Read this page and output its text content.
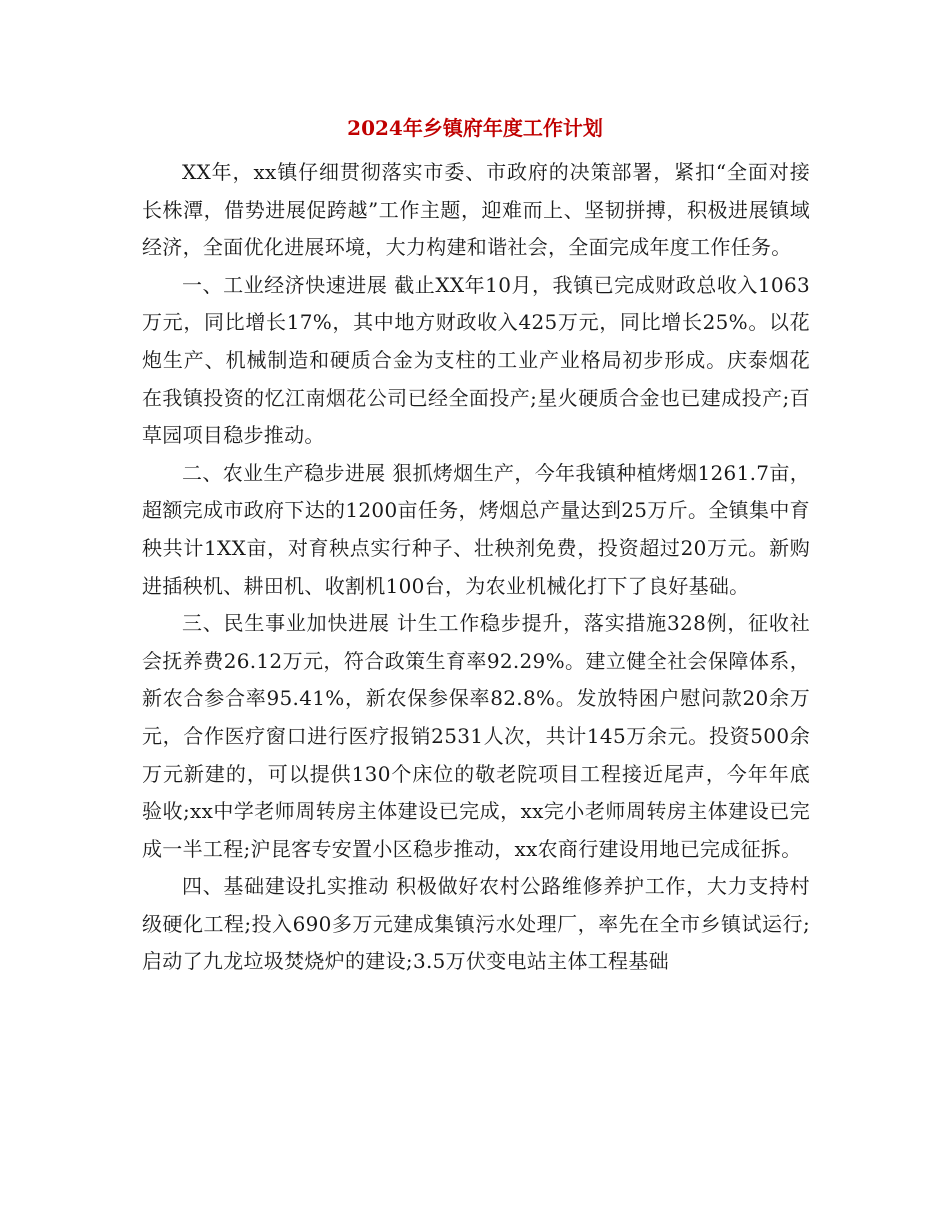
2024年乡镇府年度工作计划

XX年，xx镇仔细贯彻落实市委、市政府的决策部署，紧扣“全面对接长株潭，借势进展促跨越”工作主题，迎难而上、坚韧拼搏，积极进展镇域经济，全面优化进展环境，大力构建和谐社会，全面完成年度工作任务。

一、工业经济快速进展 截止XX年10月，我镇已完成财政总收入1063万元，同比增长17%，其中地方财政收入425万元，同比增长25%。以花炮生产、机械制造和硬质合金为支柱的工业产业格局初步形成。庆泰烟花在我镇投资的忆江南烟花公司已经全面投产;星火硬质合金也已建成投产;百草园项目稳步推动。

二、农业生产稳步进展 狠抓烤烟生产，今年我镇种植烤烟1261.7亩，超额完成市政府下达的1200亩任务，烤烟总产量达到25万斤。全镇集中育秧共计1XX亩，对育秧点实行种子、壮秧剂免费，投资超过20万元。新购进插秧机、耕田机、收割机100台，为农业机械化打下了良好基础。

三、民生事业加快进展 计生工作稳步提升，落实措施328例，征收社会抚养费26.12万元，符合政策生育率92.29%。建立健全社会保障体系，新农合参合率95.41%，新农保参保率82.8%。发放特困户慰问款20余万元，合作医疗窗口进行医疗报销2531人次，共计145万余元。投资500余万元新建的，可以提供130个床位的敬老院项目工程接近尾声，今年年底验收;xx中学老师周转房主体建设已完成，xx完小老师周转房主体建设已完成一半工程;沪昆客专安置小区稳步推动，xx农商行建设用地已完成征拆。

四、基础建设扎实推动 积极做好农村公路维修养护工作，大力支持村级硬化工程;投入690多万元建成集镇污水处理厂，率先在全市乡镇试运行;启动了九龙垃圾焚烧炉的建设;3.5万伏变电站主体工程基础
